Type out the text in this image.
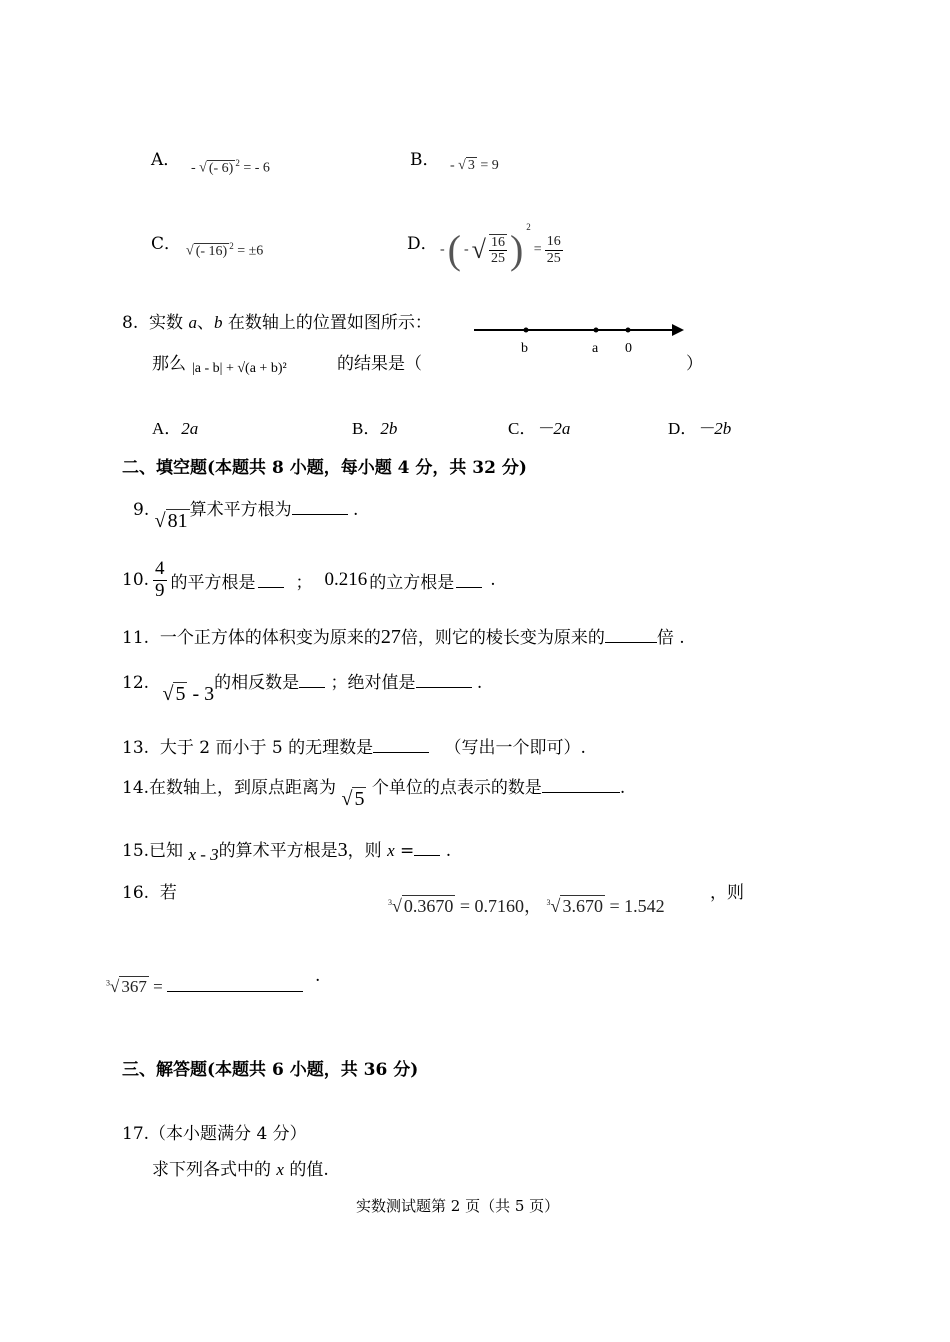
A． - √ (- 6) $^2$ = - 6	B． - √ 3 = 9
C． √ (- 16) $^2$ = ±6	D． - ( - √ $\frac{16}{25}$ ) $^2$
= $\frac{16}{25}$
8. 实数 a、b 在数轴上的位置如图所示：
b	a 0
那么 |a - b| + √(a + b)²	的结果是（	）
A．2a	B．2b	C．－2a	D．－2b
二、填空题(本题共 8 小题，每小题 4 分，共 32 分)
9. √ 81 算术平方根为	.
10. $\frac{4}{9}$ 的平方根是 ； 0.216 的立方根是 .
11. 一个正方体的体积变为原来的27倍，则它的棱长变为原来的	倍 .
12. √ 5 - 3的相反数是 ；绝对值是	.
13. 大于 2 而小于 5 的无理数是	（写出一个即可）.
14.在数轴上，到原点距离为 √ 5 个单位的点表示的数是	.
15.已知 x - 3的算术平方根是3，则 x = .
16. 若	$^3$√ 0.3670 = 0.7160， $^3$√ 3.670 = 1.542
，则
$^3$√ 367 =
.
三、解答题(本题共 6 小题，共 36 分)
17.（本小题满分 4 分）
求下列各式中的 x 的值.
实数测试题第 2 页（共 5 页）
